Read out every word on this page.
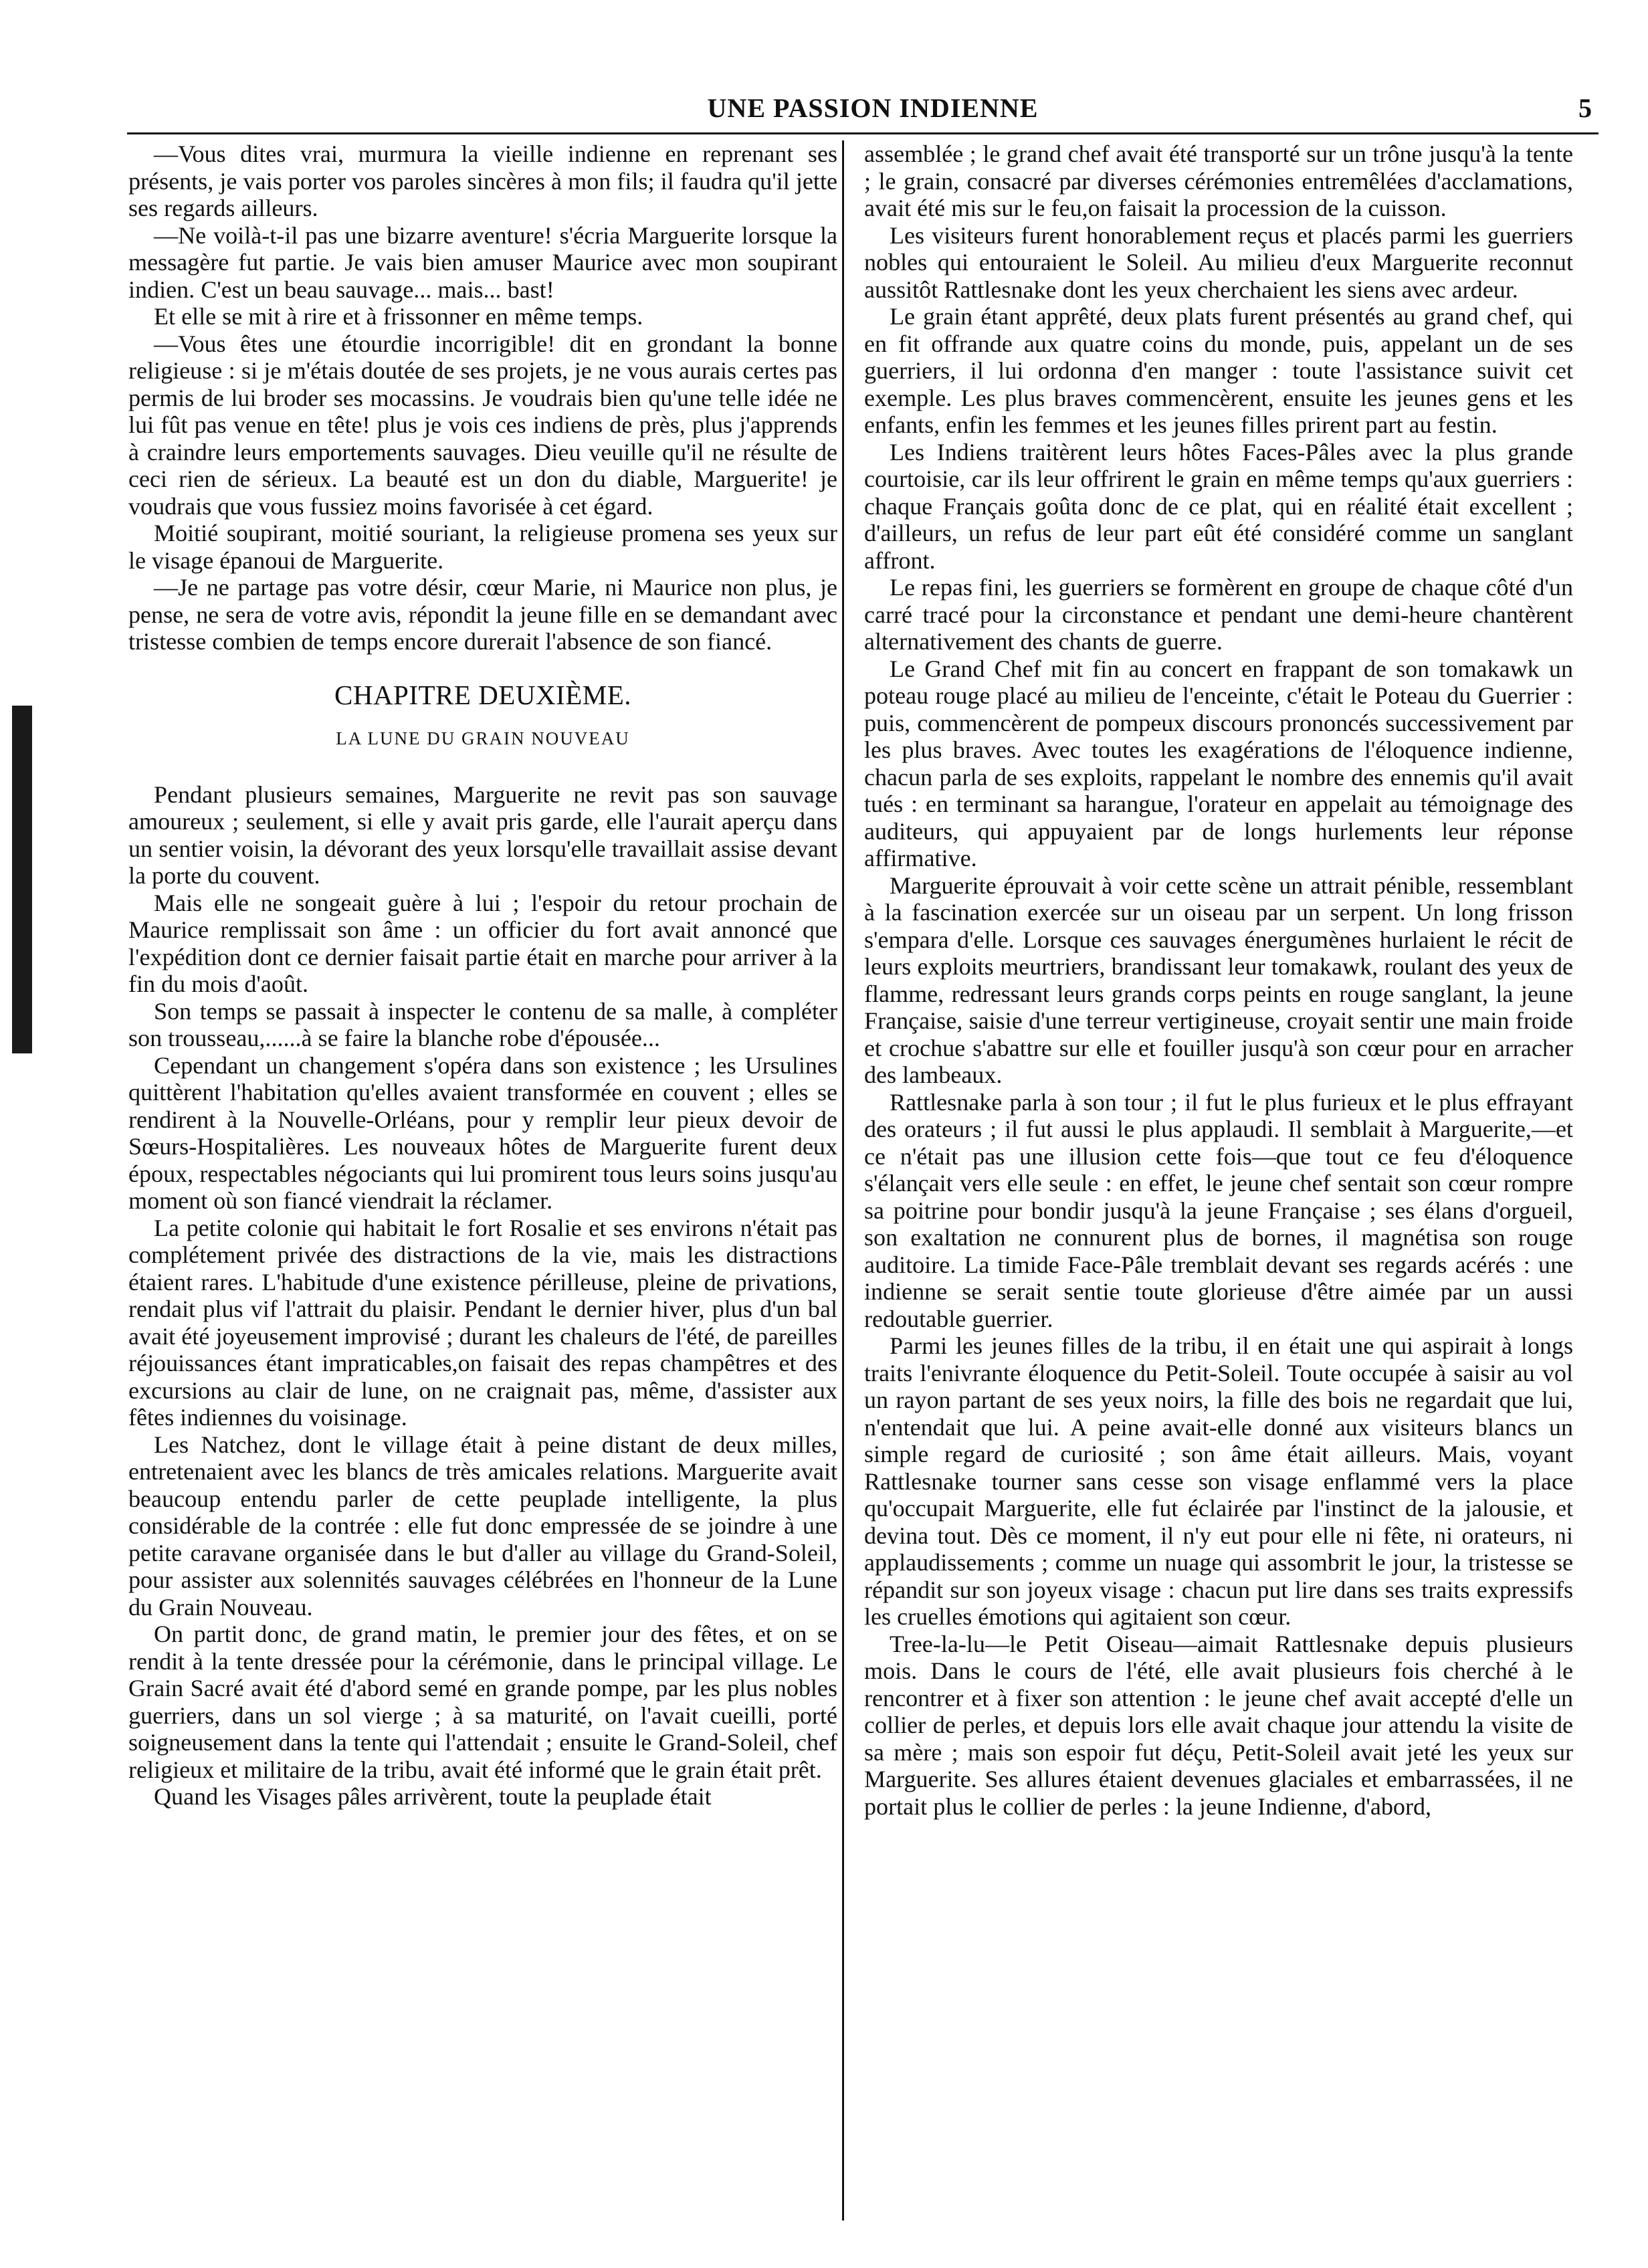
UNE PASSION INDIENNE	5

—Vous dites vrai, murmura la vieille indienne en reprenant ses présents, je vais porter vos paroles sincères à mon fils; il faudra qu'il jette ses regards ailleurs.

—Ne voilà-t-il pas une bizarre aventure! s'écria Marguerite lorsque la messagère fut partie. Je vais bien amuser Maurice avec mon soupirant indien. C'est un beau sauvage... mais... bast!

Et elle se mit à rire et à frissonner en même temps.

—Vous êtes une étourdie incorrigible! dit en grondant la bonne religieuse : si je m'étais doutée de ses projets, je ne vous aurais certes pas permis de lui broder ses mocassins. Je voudrais bien qu'une telle idée ne lui fût pas venue en tête! plus je vois ces indiens de près, plus j'apprends à craindre leurs emportements sauvages. Dieu veuille qu'il ne résulte de ceci rien de sérieux. La beauté est un don du diable, Marguerite! je voudrais que vous fussiez moins favorisée à cet égard.

Moitié soupirant, moitié souriant, la religieuse promena ses yeux sur le visage épanoui de Marguerite.

—Je ne partage pas votre désir, cœur Marie, ni Maurice non plus, je pense, ne sera de votre avis, répondit la jeune fille en se demandant avec tristesse combien de temps encore durerait l'absence de son fiancé.

CHAPITRE DEUXIÈME.
LA LUNE DU GRAIN NOUVEAU

Pendant plusieurs semaines, Marguerite ne revit pas son sauvage amoureux ; seulement, si elle y avait pris garde, elle l'aurait aperçu dans un sentier voisin, la dévorant des yeux lorsqu'elle travaillait assise devant la porte du couvent.

Mais elle ne songeait guère à lui ; l'espoir du retour prochain de Maurice remplissait son âme : un officier du fort avait annoncé que l'expédition dont ce dernier faisait partie était en marche pour arriver à la fin du mois d'août.

Son temps se passait à inspecter le contenu de sa malle, à compléter son trousseau,......à se faire la blanche robe d'épousée...

Cependant un changement s'opéra dans son existence ; les Ursulines quittèrent l'habitation qu'elles avaient transformée en couvent ; elles se rendirent à la Nouvelle-Orléans, pour y remplir leur pieux devoir de Sœurs-Hospitalières. Les nouveaux hôtes de Marguerite furent deux époux, respectables négociants qui lui promirent tous leurs soins jusqu'au moment où son fiancé viendrait la réclamer.

La petite colonie qui habitait le fort Rosalie et ses environs n'était pas complétement privée des distractions de la vie, mais les distractions étaient rares. L'habitude d'une existence périlleuse, pleine de privations, rendait plus vif l'attrait du plaisir. Pendant le dernier hiver, plus d'un bal avait été joyeusement improvisé ; durant les chaleurs de l'été, de pareilles réjouissances étant impraticables,on faisait des repas champêtres et des excursions au clair de lune, on ne craignait pas, même, d'assister aux fêtes indiennes du voisinage.

Les Natchez, dont le village était à peine distant de deux milles, entretenaient avec les blancs de très amicales relations. Marguerite avait beaucoup entendu parler de cette peuplade intelligente, la plus considérable de la contrée : elle fut donc empressée de se joindre à une petite caravane organisée dans le but d'aller au village du Grand-Soleil, pour assister aux solennités sauvages célébrées en l'honneur de la Lune du Grain Nouveau.

On partit donc, de grand matin, le premier jour des fêtes, et on se rendit à la tente dressée pour la cérémonie, dans le principal village. Le Grain Sacré avait été d'abord semé en grande pompe, par les plus nobles guerriers, dans un sol vierge ; à sa maturité, on l'avait cueilli, porté soigneusement dans la tente qui l'attendait ; ensuite le Grand-Soleil, chef religieux et militaire de la tribu, avait été informé que le grain était prêt.

Quand les Visages pâles arrivèrent, toute la peuplade était

assemblée ; le grand chef avait été transporté sur un trône jusqu'à la tente ; le grain, consacré par diverses cérémonies entremêlées d'acclamations, avait été mis sur le feu,on faisait la procession de la cuisson.

Les visiteurs furent honorablement reçus et placés parmi les guerriers nobles qui entouraient le Soleil. Au milieu d'eux Marguerite reconnut aussitôt Rattlesnake dont les yeux cherchaient les siens avec ardeur.

Le grain étant apprêté, deux plats furent présentés au grand chef, qui en fit offrande aux quatre coins du monde, puis, appelant un de ses guerriers, il lui ordonna d'en manger : toute l'assistance suivit cet exemple. Les plus braves commencèrent, ensuite les jeunes gens et les enfants, enfin les femmes et les jeunes filles prirent part au festin.

Les Indiens traitèrent leurs hôtes Faces-Pâles avec la plus grande courtoisie, car ils leur offrirent le grain en même temps qu'aux guerriers : chaque Français goûta donc de ce plat, qui en réalité était excellent ; d'ailleurs, un refus de leur part eût été considéré comme un sanglant affront.

Le repas fini, les guerriers se formèrent en groupe de chaque côté d'un carré tracé pour la circonstance et pendant une demi-heure chantèrent alternativement des chants de guerre.

Le Grand Chef mit fin au concert en frappant de son tomakawk un poteau rouge placé au milieu de l'enceinte, c'était le Poteau du Guerrier : puis, commencèrent de pompeux discours prononcés successivement par les plus braves. Avec toutes les exagérations de l'éloquence indienne, chacun parla de ses exploits, rappelant le nombre des ennemis qu'il avait tués : en terminant sa harangue, l'orateur en appelait au témoignage des auditeurs, qui appuyaient par de longs hurlements leur réponse affirmative.

Marguerite éprouvait à voir cette scène un attrait pénible, ressemblant à la fascination exercée sur un oiseau par un serpent. Un long frisson s'empara d'elle. Lorsque ces sauvages énergumènes hurlaient le récit de leurs exploits meurtriers, brandissant leur tomakawk, roulant des yeux de flamme, redressant leurs grands corps peints en rouge sanglant, la jeune Française, saisie d'une terreur vertigineuse, croyait sentir une main froide et crochue s'abattre sur elle et fouiller jusqu'à son cœur pour en arracher des lambeaux.

Rattlesnake parla à son tour ; il fut le plus furieux et le plus effrayant des orateurs ; il fut aussi le plus applaudi. Il semblait à Marguerite,—et ce n'était pas une illusion cette fois—que tout ce feu d'éloquence s'élançait vers elle seule : en effet, le jeune chef sentait son cœur rompre sa poitrine pour bondir jusqu'à la jeune Française ; ses élans d'orgueil, son exaltation ne connurent plus de bornes, il magnétisa son rouge auditoire. La timide Face-Pâle tremblait devant ses regards acérés : une indienne se serait sentie toute glorieuse d'être aimée par un aussi redoutable guerrier.

Parmi les jeunes filles de la tribu, il en était une qui aspirait à longs traits l'enivrante éloquence du Petit-Soleil. Toute occupée à saisir au vol un rayon partant de ses yeux noirs, la fille des bois ne regardait que lui, n'entendait que lui. A peine avait-elle donné aux visiteurs blancs un simple regard de curiosité ; son âme était ailleurs. Mais, voyant Rattlesnake tourner sans cesse son visage enflammé vers la place qu'occupait Marguerite, elle fut éclairée par l'instinct de la jalousie, et devina tout. Dès ce moment, il n'y eut pour elle ni fête, ni orateurs, ni applaudissements ; comme un nuage qui assombrit le jour, la tristesse se répandit sur son joyeux visage : chacun put lire dans ses traits expressifs les cruelles émotions qui agitaient son cœur.

Tree-la-lu—le Petit Oiseau—aimait Rattlesnake depuis plusieurs mois. Dans le cours de l'été, elle avait plusieurs fois cherché à le rencontrer et à fixer son attention : le jeune chef avait accepté d'elle un collier de perles, et depuis lors elle avait chaque jour attendu la visite de sa mère ; mais son espoir fut déçu, Petit-Soleil avait jeté les yeux sur Marguerite. Ses allures étaient devenues glaciales et embarrassées, il ne portait plus le collier de perles : la jeune Indienne, d'abord,
